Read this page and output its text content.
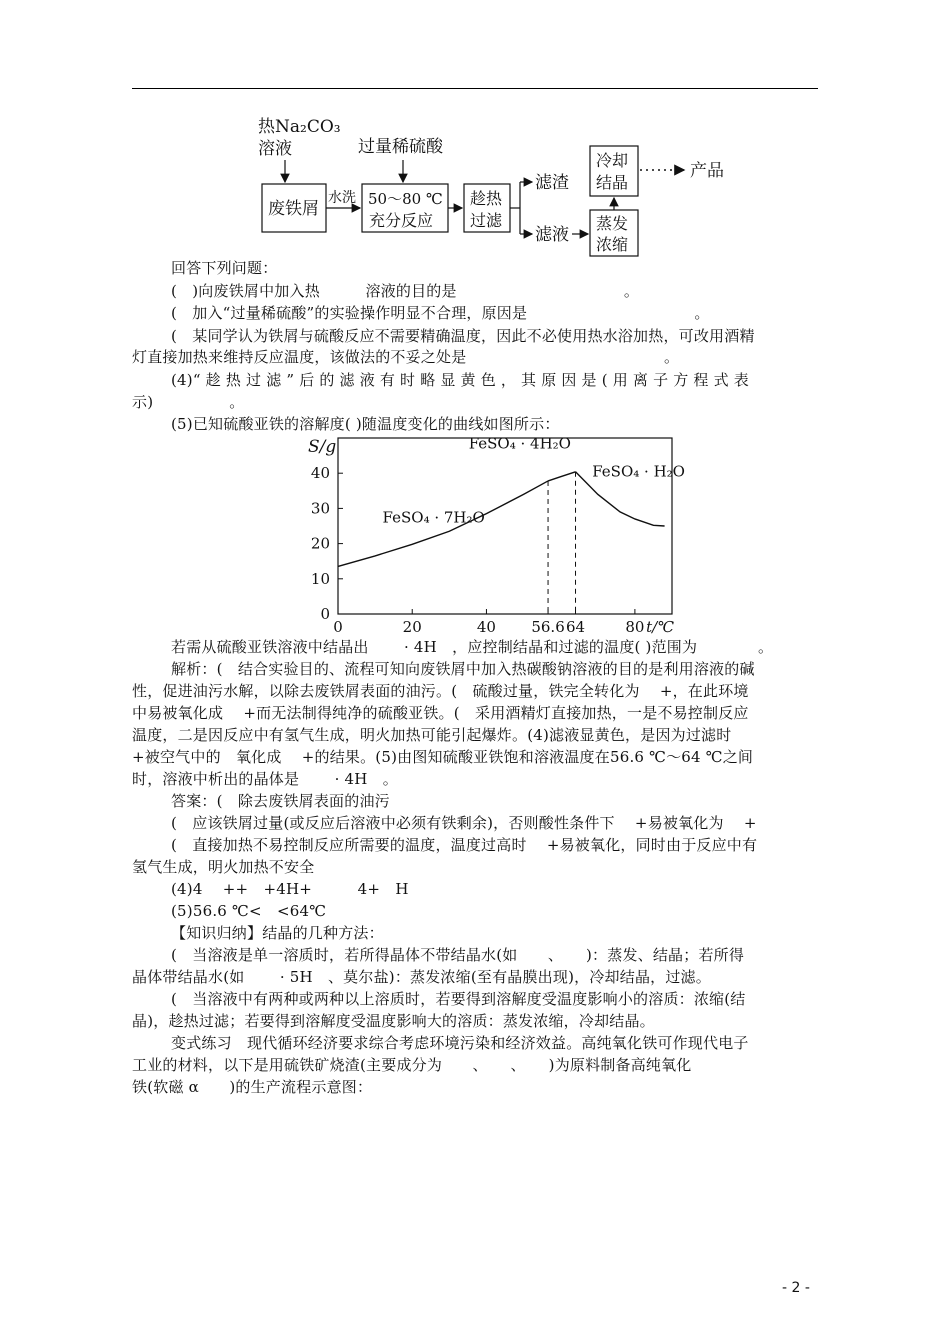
热Na₂CO₃
溶液	过量稀硫酸
废铁屑
水洗 50～80 ℃
充分反应
趁热
过滤
滤渣
滤液
蒸发
浓缩
冷却
结晶
产品
回答下列问题：
(　)向废铁屑中加入热　　　溶液的目的是　　　　　　　　　　　。
(　加入“过量稀硫酸”的实验操作明显不合理，原因是　　　　　　　　　　　。
(　某同学认为铁屑与硫酸反应不需要精确温度，因此不必使用热水浴加热，可改用酒精
灯直接加热来维持反应温度，该做法的不妥之处是　　　　　　　　　　　　　。
(4)“ 趁 热 过 滤 ” 后 的 滤 液 有 时 略 显 黄 色 ， 其 原 因 是 ( 用 离 子 方 程 式 表
示)　　　　　。
(5)已知硫酸亚铁的溶解度( )随温度变化的曲线如图所示：
0	20	40 56.6 64	80
0
10
20
30
40
S/g
t/℃
FeSO₄ · 7H₂O
FeSO₄ · 4H₂O
FeSO₄ · H₂O
若需从硫酸亚铁溶液中结晶出　　 · 4H　，应控制结晶和过滤的温度( )范围为　　　　。
解析：(　结合实验目的、流程可知向废铁屑中加入热碳酸钠溶液的目的是利用溶液的碱
性，促进油污水解，以除去废铁屑表面的油污。(　硫酸过量，铁完全转化为　 +，在此环境
中易被氧化成　 +而无法制得纯净的硫酸亚铁。(　采用酒精灯直接加热，一是不易控制反应
温度，二是因反应中有氢气生成，明火加热可能引起爆炸。(4)滤液显黄色，是因为过滤时
+被空气中的　氧化成　 +的结果。(5)由图知硫酸亚铁饱和溶液温度在56.6 ℃～64 ℃之间
时，溶液中析出的晶体是　　 · 4H　。
答案：(　除去废铁屑表面的油污
(　应该铁屑过量(或反应后溶液中必须有铁剩余)，否则酸性条件下　 +易被氧化为　 +
(　直接加热不易控制反应所需要的温度，温度过高时　 +易被氧化，同时由于反应中有
氢气生成，明火加热不安全
(4)4　 ++　+4H+　　　4+　H
(5)56.6 ℃<　<64℃
【知识归纳】结晶的几种方法：
(　当溶液是单一溶质时，若所得晶体不带结晶水(如　　、　　)：蒸发、结晶；若所得
晶体带结晶水(如　　 · 5H　、莫尔盐)：蒸发浓缩(至有晶膜出现)，冷却结晶，过滤。
(　当溶液中有两种或两种以上溶质时，若要得到溶解度受温度影响小的溶质：浓缩(结
晶)，趁热过滤；若要得到溶解度受温度影响大的溶质：蒸发浓缩，冷却结晶。
变式练习　现代循环经济要求综合考虑环境污染和经济效益。高纯氧化铁可作现代电子
工业的材料，以下是用硫铁矿烧渣(主要成分为　　、　　、　　)为原料制备高纯氧化
铁(软磁 α　　)的生产流程示意图：
- 2 -
